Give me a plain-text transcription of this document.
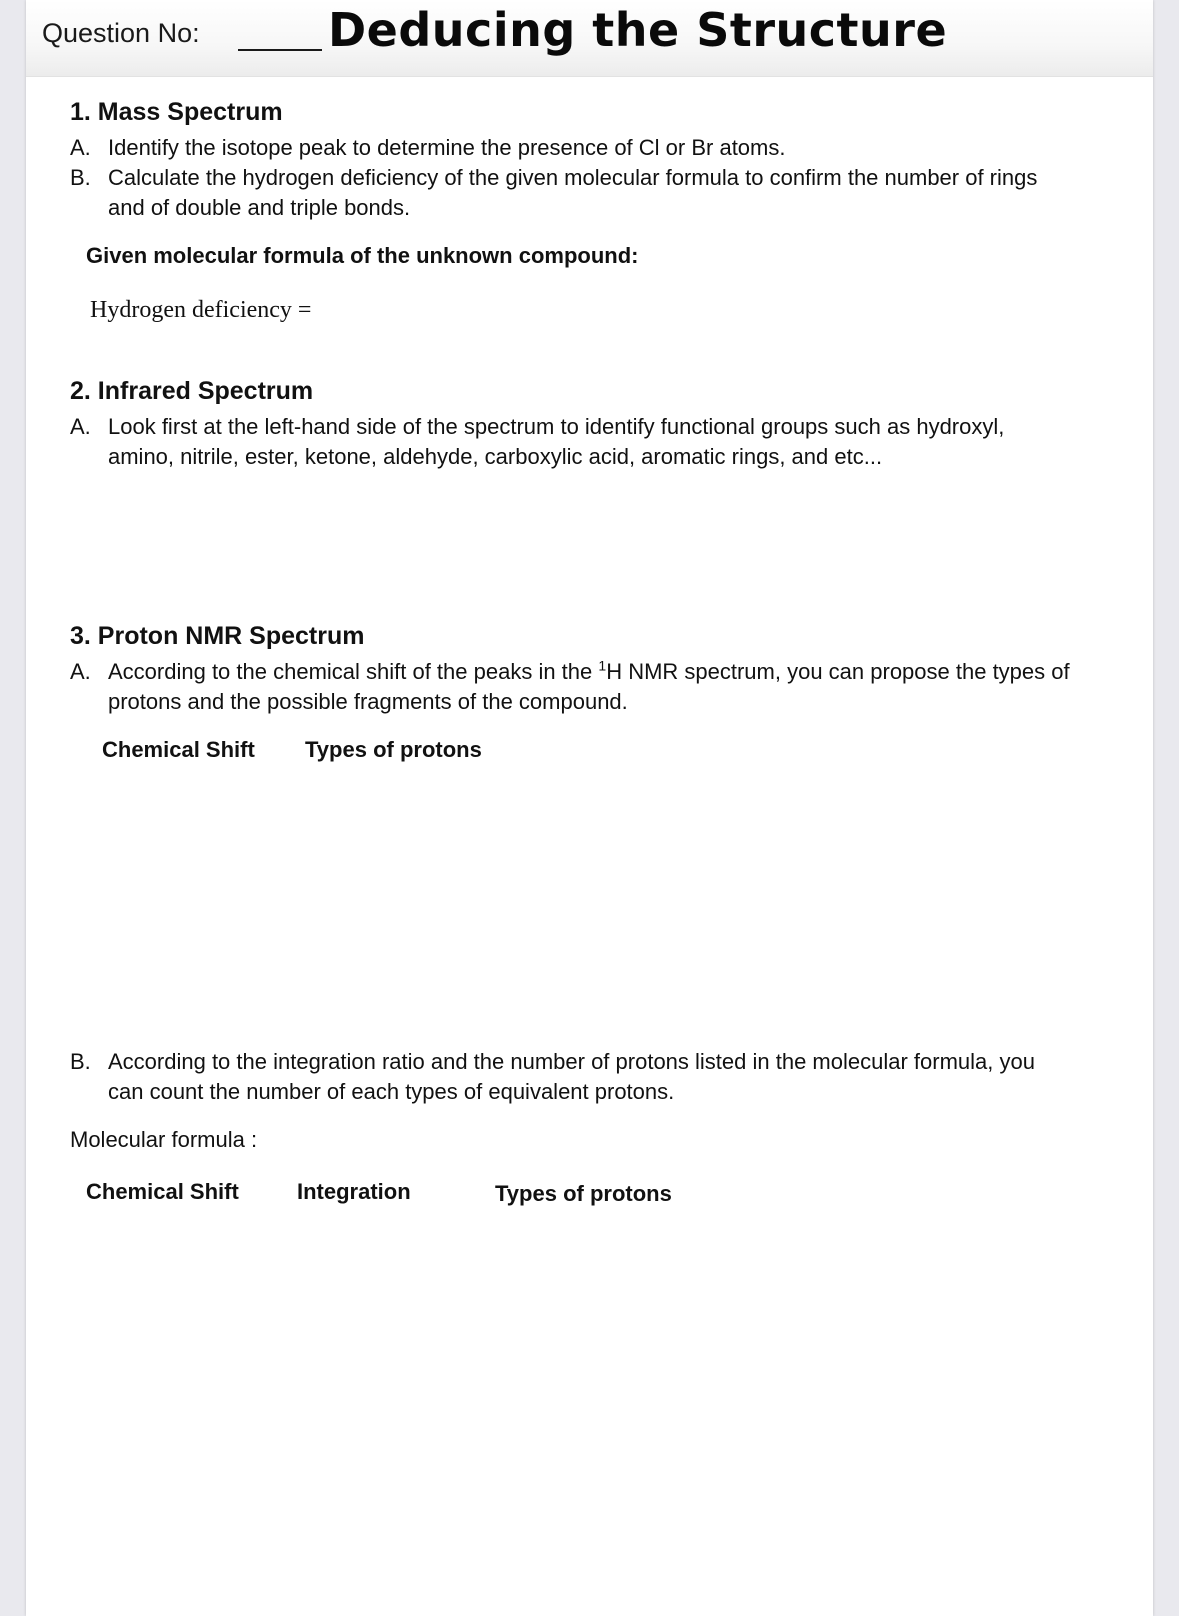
Question No:	Deducing the Structure
1. Mass Spectrum
A. Identify the isotope peak to determine the presence of Cl or Br atoms.
B. Calculate the hydrogen deficiency of the given molecular formula to confirm the number of rings
and of double and triple bonds.
Given molecular formula of the unknown compound:
Hydrogen deficiency =
2. Infrared Spectrum
A. Look first at the left-hand side of the spectrum to identify functional groups such as hydroxyl,
amino, nitrile, ester, ketone, aldehyde, carboxylic acid, aromatic rings, and etc...
3. Proton NMR Spectrum
A. According to the chemical shift of the peaks in the $^1$H NMR spectrum, you can propose the types of
protons and the possible fragments of the compound.
Chemical Shift Types of protons
B. According to the integration ratio and the number of protons listed in the molecular formula, you
can count the number of each types of equivalent protons.
Molecular formula :
Chemical Shift	Integration	Types of protons
